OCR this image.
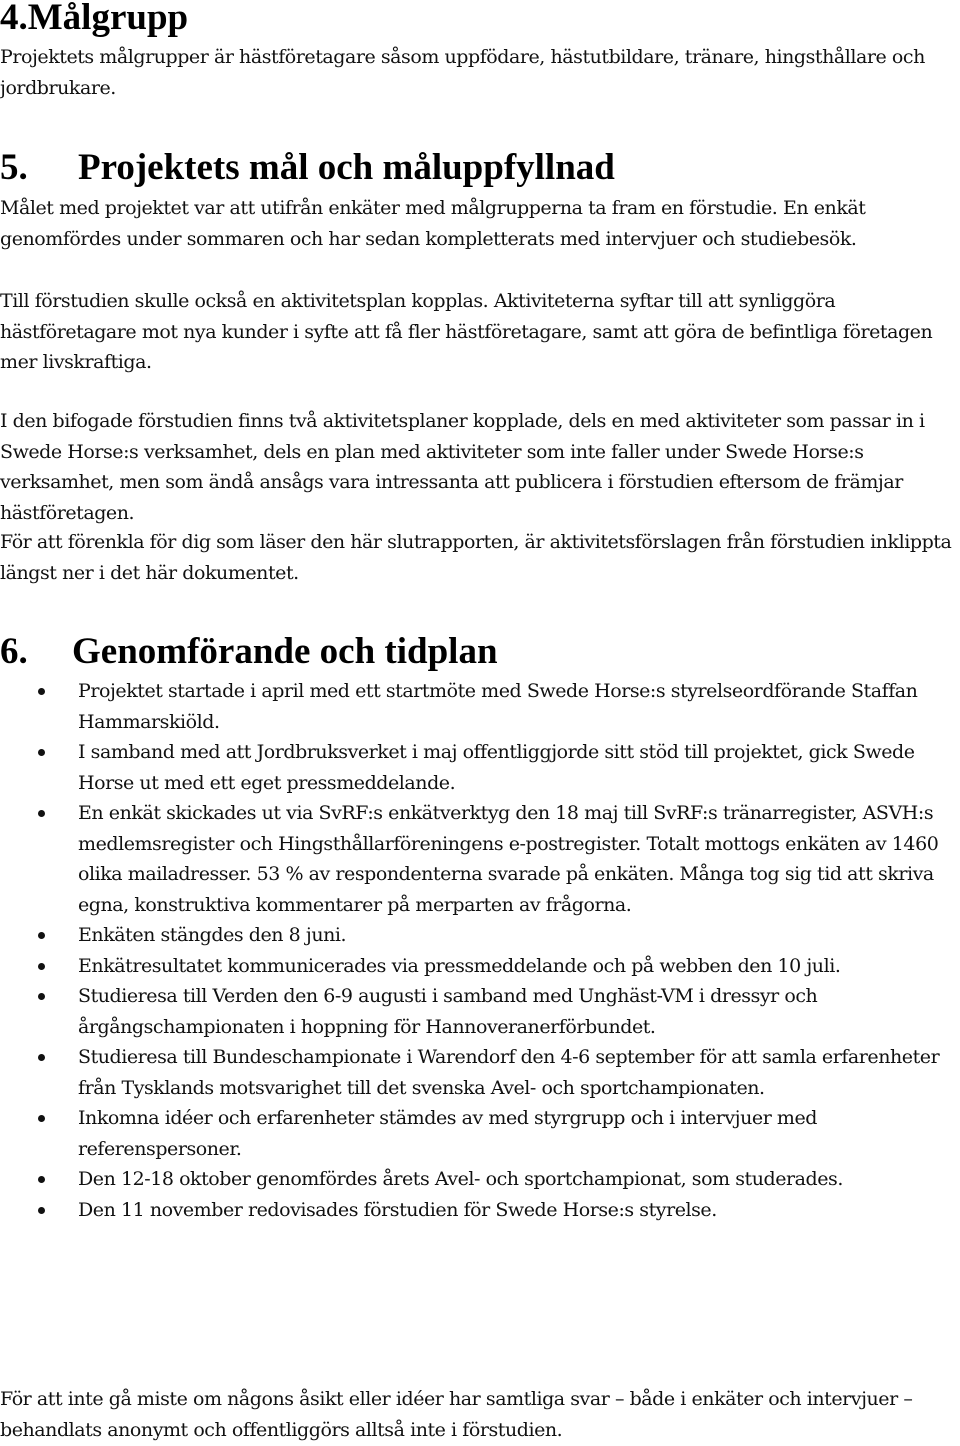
4.Målgrupp

Projektets målgrupper är hästföretagare såsom uppfödare, hästutbildare, tränare, hingsthållare och jordbrukare.

5. Projektets mål och måluppfyllnad

Målet med projektet var att utifrån enkäter med målgrupperna ta fram en förstudie. En enkät genomfördes under sommaren och har sedan kompletterats med intervjuer och studiebesök.

Till förstudien skulle också en aktivitetsplan kopplas. Aktiviteterna syftar till att synliggöra hästföretagare mot nya kunder i syfte att få fler hästföretagare, samt att göra de befintliga företagen mer livskraftiga.

I den bifogade förstudien finns två aktivitetsplaner kopplade, dels en med aktiviteter som passar in i Swede Horse:s verksamhet, dels en plan med aktiviteter som inte faller under Swede Horse:s verksamhet, men som ändå ansågs vara intressanta att publicera i förstudien eftersom de främjar hästföretagen.

För att förenkla för dig som läser den här slutrapporten, är aktivitetsförslagen från förstudien inklippta längst ner i det här dokumentet.

6. Genomförande och tidplan
Projektet startade i april med ett startmöte med Swede Horse:s styrelseordförande Staffan Hammarskiöld.
I samband med att Jordbruksverket i maj offentliggjorde sitt stöd till projektet, gick Swede Horse ut med ett eget pressmeddelande.
En enkät skickades ut via SvRF:s enkätverktyg den 18 maj till SvRF:s tränarregister, ASVH:s medlemsregister och Hingsthållarföreningens e-postregister. Totalt mottogs enkäten av 1460 olika mailadresser. 53 % av respondenterna svarade på enkäten. Många tog sig tid att skriva egna, konstruktiva kommentarer på merparten av frågorna.
Enkäten stängdes den 8 juni.
Enkätresultatet kommunicerades via pressmeddelande och på webben den 10 juli.
Studieresa till Verden den 6-9 augusti i samband med Unghäst-VM i dressyr och årgångschampionaten i hoppning för Hannoveranerförbundet.
Studieresa till Bundeschampionate i Warendorf den 4-6 september för att samla erfarenheter från Tysklands motsvarighet till det svenska Avel- och sportchampionaten.
Inkomna idéer och erfarenheter stämdes av med styrgrupp och i intervjuer med referenspersoner.
Den 12-18 oktober genomfördes årets Avel- och sportchampionat, som studerades.
Den 11 november redovisades förstudien för Swede Horse:s styrelse.

För att inte gå miste om någons åsikt eller idéer har samtliga svar – både i enkäter och intervjuer – behandlats anonymt och offentliggörs alltså inte i förstudien.
